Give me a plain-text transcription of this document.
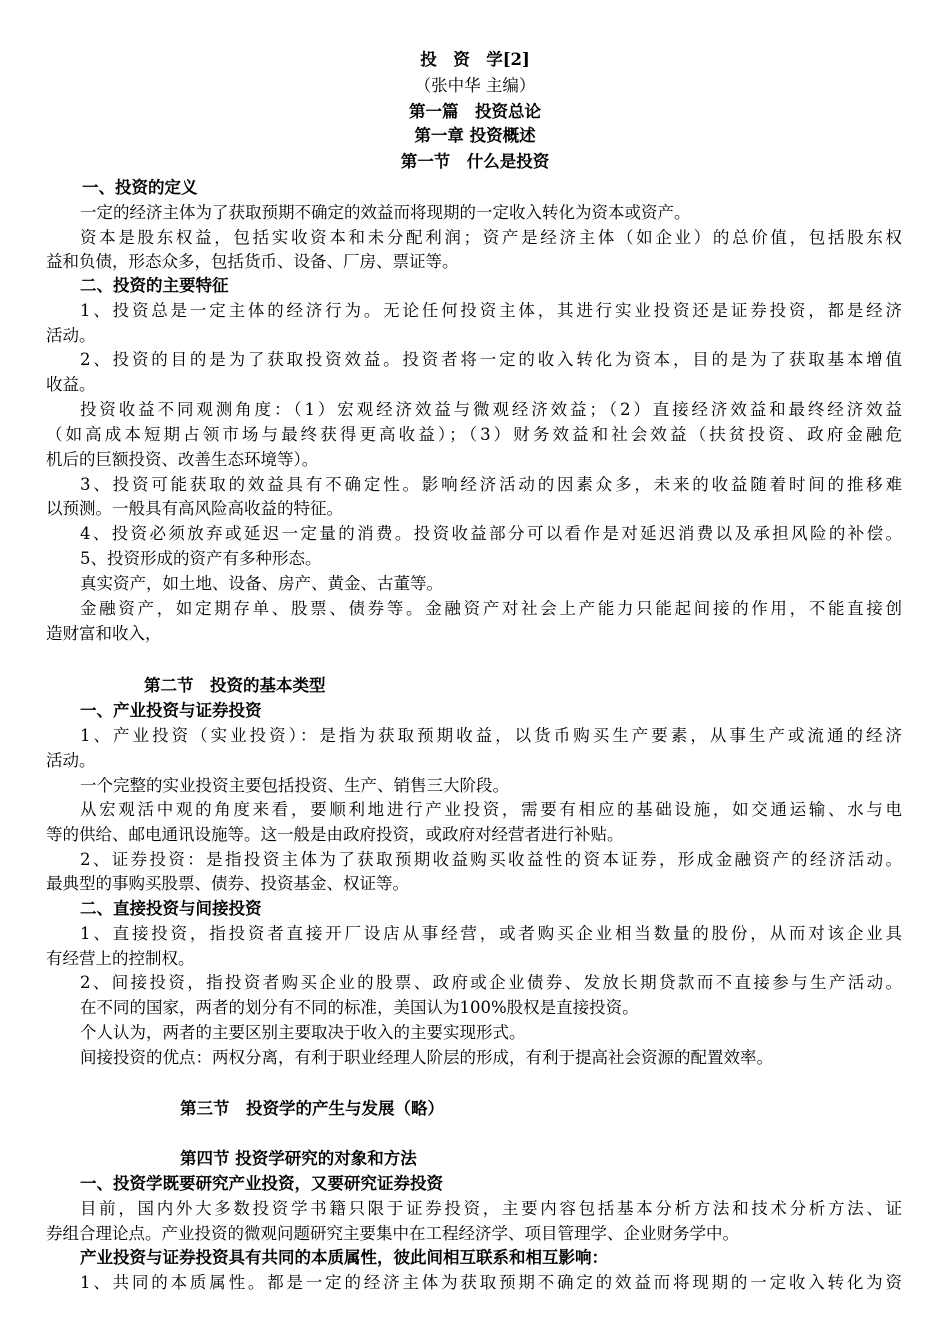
投　资　学[2]
（张中华 主编）
第一篇　投资总论
第一章 投资概述
第一节　什么是投资
一、投资的定义
一定的经济主体为了获取预期不确定的效益而将现期的一定收入转化为资本或资产。
资本是股东权益，包括实收资本和未分配利润；资产是经济主体（如企业）的总价值，包括股东权
益和负债，形态众多，包括货币、设备、厂房、票证等。
二、投资的主要特征
1、投资总是一定主体的经济行为。无论任何投资主体，其进行实业投资还是证券投资，都是经济
活动。
2、投资的目的是为了获取投资效益。投资者将一定的收入转化为资本，目的是为了获取基本增值
收益。
投资收益不同观测角度：（1）宏观经济效益与微观经济效益；（2）直接经济效益和最终经济效益
（如高成本短期占领市场与最终获得更高收益）；（3）财务效益和社会效益（扶贫投资、政府金融危
机后的巨额投资、改善生态环境等）。
3、投资可能获取的效益具有不确定性。影响经济活动的因素众多，未来的收益随着时间的推移难
以预测。一般具有高风险高收益的特征。
4、投资必须放弃或延迟一定量的消费。投资收益部分可以看作是对延迟消费以及承担风险的补偿。
5、投资形成的资产有多种形态。
真实资产，如土地、设备、房产、黄金、古董等。
金融资产，如定期存单、股票、债券等。金融资产对社会上产能力只能起间接的作用，不能直接创
造财富和收入，
第二节　投资的基本类型
一、产业投资与证券投资
1、产业投资（实业投资）：是指为获取预期收益，以货币购买生产要素，从事生产或流通的经济
活动。
一个完整的实业投资主要包括投资、生产、销售三大阶段。
从宏观活中观的角度来看，要顺利地进行产业投资，需要有相应的基础设施，如交通运输、水与电
等的供给、邮电通讯设施等。这一般是由政府投资，或政府对经营者进行补贴。
2、证券投资：是指投资主体为了获取预期收益购买收益性的资本证券，形成金融资产的经济活动。
最典型的事购买股票、债券、投资基金、权证等。
二、直接投资与间接投资
1、直接投资，指投资者直接开厂设店从事经营，或者购买企业相当数量的股份，从而对该企业具
有经营上的控制权。
2、间接投资，指投资者购买企业的股票、政府或企业债券、发放长期贷款而不直接参与生产活动。
在不同的国家，两者的划分有不同的标准，美国认为100%股权是直接投资。
个人认为，两者的主要区别主要取决于收入的主要实现形式。
间接投资的优点：两权分离，有利于职业经理人阶层的形成，有利于提高社会资源的配置效率。
第三节　投资学的产生与发展（略）
第四节 投资学研究的对象和方法
一、投资学既要研究产业投资，又要研究证券投资
目前，国内外大多数投资学书籍只限于证券投资，主要内容包括基本分析方法和技术分析方法、证
券组合理论点。产业投资的微观问题研究主要集中在工程经济学、项目管理学、企业财务学中。
产业投资与证券投资具有共同的本质属性，彼此间相互联系和相互影响：
1、共同的本质属性。都是一定的经济主体为获取预期不确定的效益而将现期的一定收入转化为资
